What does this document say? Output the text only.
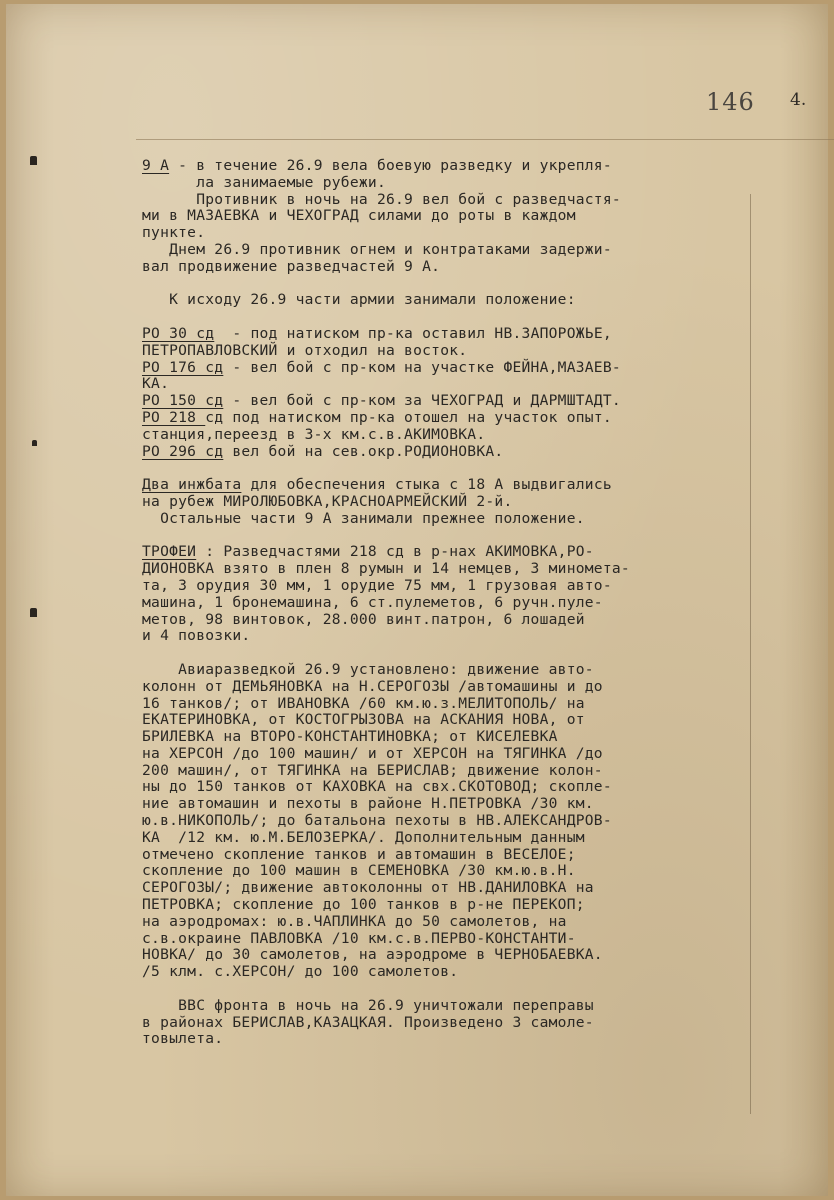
146 4.
9 А - в течение 26.9 вела боевую разведку и укрепля-
ла занимаемые рубежи.
Противник в ночь на 26.9 вел бой с разведчастя-
ми в МАЗАЕВКА и ЧЕХОГРАД силами до роты в каждом
пункте.
Днем 26.9 противник огнем и контратаками задержи-
вал продвижение разведчастей 9 А.
К исходу 26.9 части армии занимали положение:
РО 30 сд  - под натиском пр-ка оставил НВ.ЗАПОРОЖЬЕ,
ПЕТРОПАВЛОВСКИЙ и отходил на восток.
РО 176 сд - вел бой с пр-ком на участке ФЕЙНА,МАЗАЕВ-
КА.
РО 150 сд - вел бой с пр-ком за ЧЕХОГРАД и ДАРМШТАДТ.
РО 218 сд под натиском пр-ка отошел на участок опыт.
станция,переезд в 3-х км.с.в.АКИМОВКА.
РО 296 сд вел бой на сев.окр.РОДИОНОВКА.
Два инжбата для обеспечения стыка с 18 А выдвигались
на рубеж МИРОЛЮБОВКА,КРАСНОАРМЕЙСКИЙ 2-й.
Остальные части 9 А занимали прежнее положение.
ТРОФЕИ : Разведчастями 218 сд в р-нах АКИМОВКА,РО-
ДИОНОВКА взято в плен 8 румын и 14 немцев, 3 миномета-
та, 3 орудия 30 мм, 1 орудие 75 мм, 1 грузовая авто-
машина, 1 бронемашина, 6 ст.пулеметов, 6 ручн.пуле-
метов, 98 винтовок, 28.000 винт.патрон, 6 лошадей
и 4 повозки.
Авиаразведкой 26.9 установлено: движение авто-
колонн от ДЕМЬЯНОВКА на Н.СЕРОГОЗЫ /автомашины и до
16 танков/; от ИВАНОВКА /60 км.ю.з.МЕЛИТОПОЛЬ/ на
ЕКАТЕРИНОВКА, от КОСТОГРЫЗОВА на АСКАНИЯ НОВА, от
БРИЛЕВКА на ВТОРО-КОНСТАНТИНОВКА; от КИСЕЛЕВКА
на ХЕРСОН /до 100 машин/ и от ХЕРСОН на ТЯГИНКА /до
200 машин/, от ТЯГИНКА на БЕРИСЛАВ; движение колон-
ны до 150 танков от КАХОВКА на свх.СКОТОВОД; скопле-
ние автомашин и пехоты в районе Н.ПЕТРОВКА /30 км.
ю.в.НИКОПОЛЬ/; до батальона пехоты в НВ.АЛЕКСАНДРОВ-
КА  /12 км. ю.М.БЕЛОЗЕРКА/. Дополнительным данным
отмечено скопление танков и автомашин в ВЕСЕЛОЕ;
скопление до 100 машин в СЕМЕНОВКА /30 км.ю.в.Н.
СЕРОГОЗЫ/; движение автоколонны от НВ.ДАНИЛОВКА на
ПЕТРОВКА; скопление до 100 танков в р-не ПЕРЕКОП;
на аэродромах: ю.в.ЧАПЛИНКА до 50 самолетов, на
с.в.окраине ПАВЛОВКА /10 км.с.в.ПЕРВО-КОНСТАНТИ-
НОВКА/ до 30 самолетов, на аэродроме в ЧЕРНОБАЕВКА.
/5 клм. с.ХЕРСОН/ до 100 самолетов.
ВВС фронта в ночь на 26.9 уничтожали переправы
в районах БЕРИСЛАВ,КАЗАЦКАЯ. Произведено 3 самоле-
товылета.
